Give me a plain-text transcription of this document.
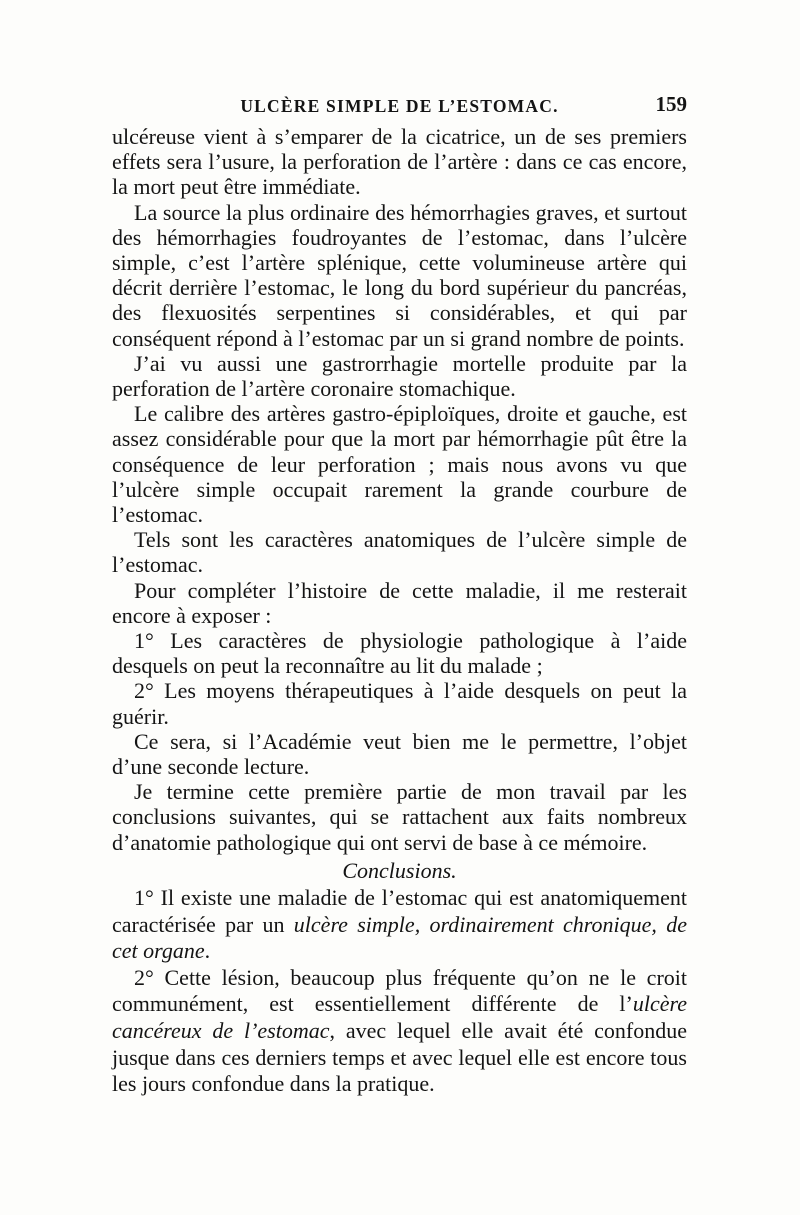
ULCÈRE SIMPLE DE L’ESTOMAC.	159

ulcéreuse vient à s’emparer de la cicatrice, un de ses premiers effets sera l’usure, la perforation de l’artère : dans ce cas encore, la mort peut être immédiate.

La source la plus ordinaire des hémorrhagies graves, et surtout des hémorrhagies foudroyantes de l’estomac, dans l’ulcère simple, c’est l’artère splénique, cette volumineuse artère qui décrit derrière l’estomac, le long du bord supérieur du pancréas, des flexuosités serpentines si considérables, et qui par conséquent répond à l’estomac par un si grand nombre de points.

J’ai vu aussi une gastrorrhagie mortelle produite par la perforation de l’artère coronaire stomachique.

Le calibre des artères gastro-épiploïques, droite et gauche, est assez considérable pour que la mort par hémorrhagie pût être la conséquence de leur perforation ; mais nous avons vu que l’ulcère simple occupait rarement la grande courbure de l’estomac.

Tels sont les caractères anatomiques de l’ulcère simple de l’estomac.

Pour compléter l’histoire de cette maladie, il me resterait encore à exposer :

1° Les caractères de physiologie pathologique à l’aide desquels on peut la reconnaître au lit du malade ;

2° Les moyens thérapeutiques à l’aide desquels on peut la guérir.

Ce sera, si l’Académie veut bien me le permettre, l’objet d’une seconde lecture.

Je termine cette première partie de mon travail par les conclusions suivantes, qui se rattachent aux faits nombreux d’anatomie pathologique qui ont servi de base à ce mémoire.

Conclusions.

1° Il existe une maladie de l’estomac qui est anatomiquement caractérisée par un ulcère simple, ordinairement chronique, de cet organe.

2° Cette lésion, beaucoup plus fréquente qu’on ne le croit communément, est essentiellement différente de l’ulcère cancéreux de l’estomac, avec lequel elle avait été confondue jusque dans ces derniers temps et avec lequel elle est encore tous les jours confondue dans la pratique.
